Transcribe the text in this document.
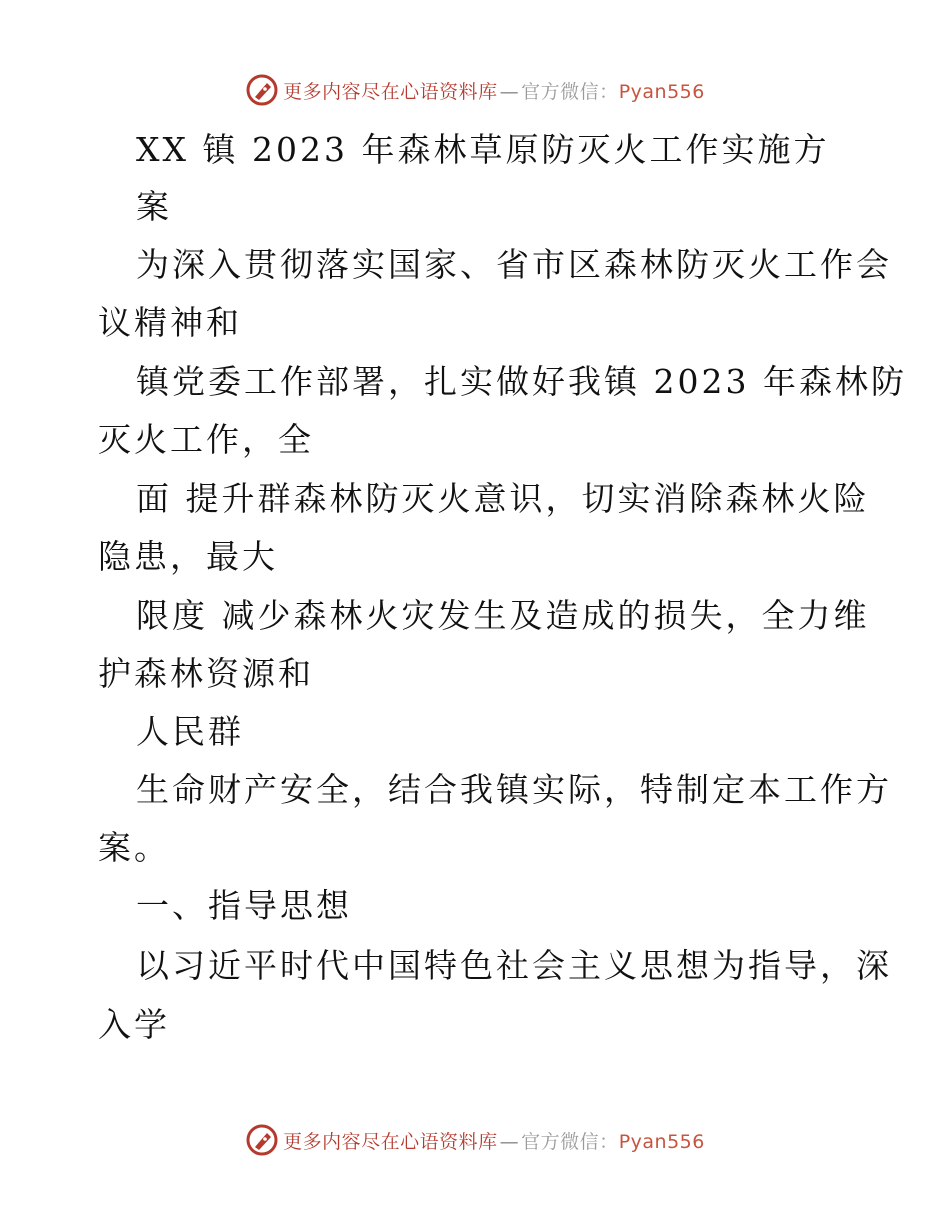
更多内容尽在心语资料库 — 官方微信：Pyan556
XX 镇 2023 年森林草原防灭火工作实施方
案
为深入贯彻落实国家、省市区森林防灭火工作会
议精神和
镇党委工作部署，扎实做好我镇 2023 年森林防
灭火工作，全
面 提升群森林防灭火意识，切实消除森林火险
隐患，最大
限度 减少森林火灾发生及造成的损失，全力维
护森林资源和
人民群
生命财产安全，结合我镇实际，特制定本工作方
案。
一、指导思想
以习近平时代中国特色社会主义思想为指导，深
入学
更多内容尽在心语资料库 — 官方微信：Pyan556
